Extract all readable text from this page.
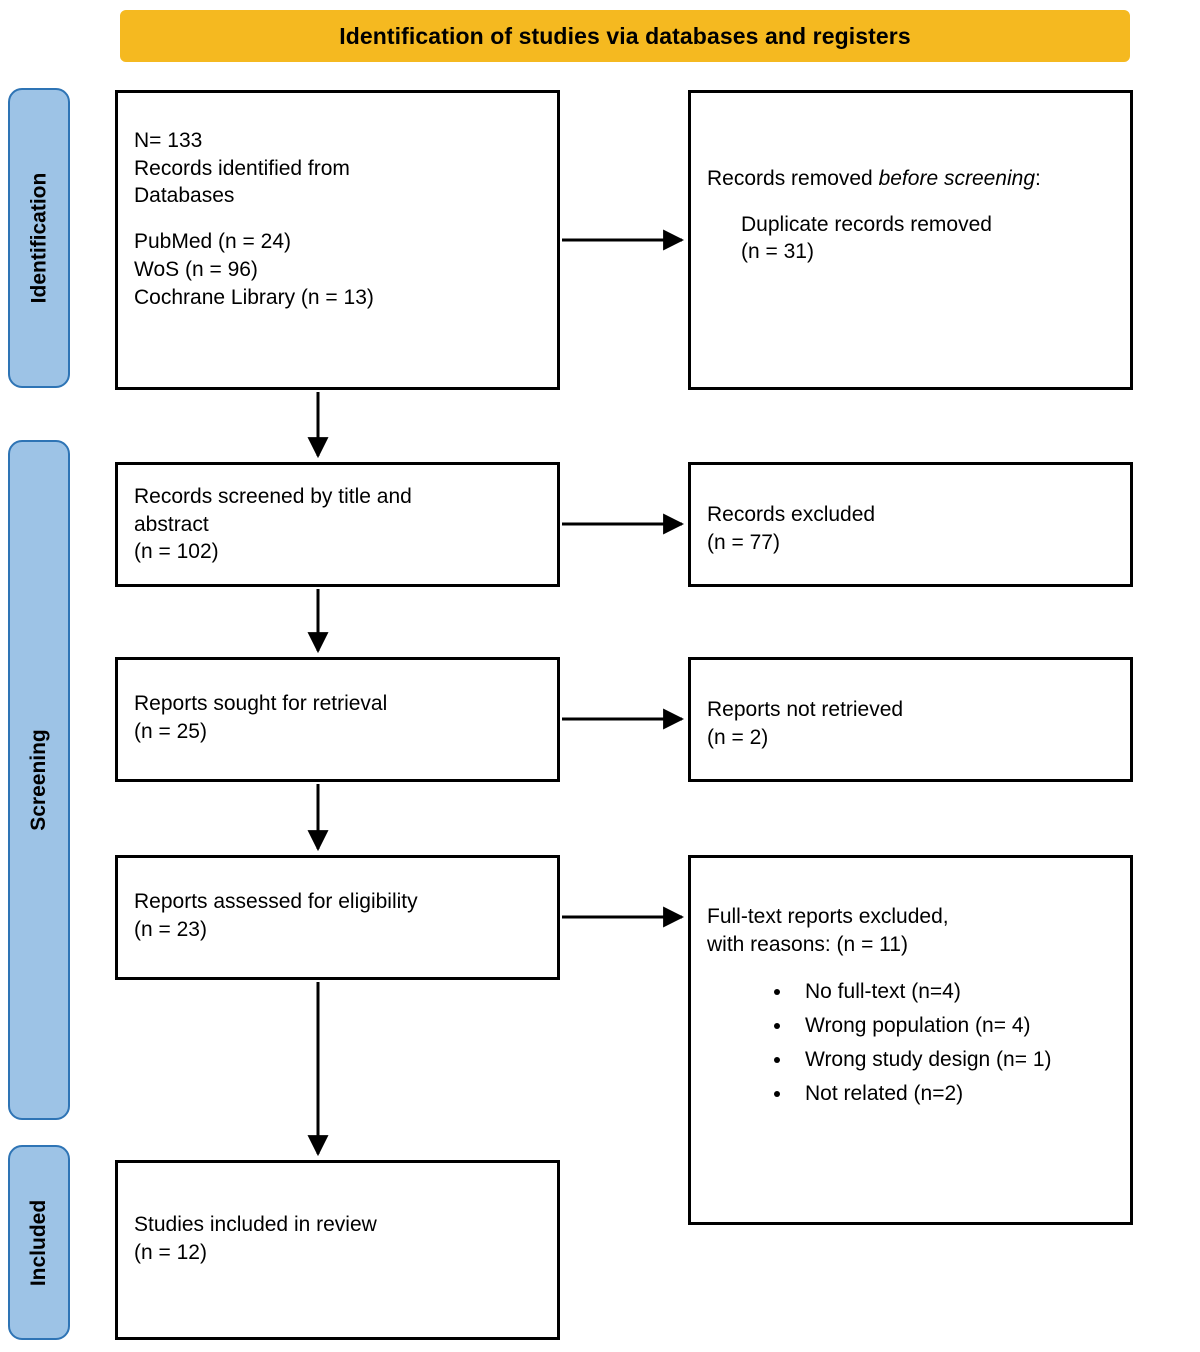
Identification of studies via databases and registers
Identification
Screening
Included

N= 133

Records identified from

Databases

PubMed (n = 24)

WoS (n = 96)

Cochrane Library (n = 13)

Records removed before screening:

Duplicate records removed

(n = 31)

Records screened by title and

abstract

(n = 102)

Records excluded

(n = 77)

Reports sought for retrieval

(n = 25)

Reports not retrieved

(n = 2)

Reports assessed for eligibility

(n = 23)

Full-text reports excluded,

with reasons: (n = 11)

• No full-text (n=4)
• Wrong population (n= 4)
• Wrong study design (n= 1)
• Not related (n=2)

Studies included in review

(n = 12)
